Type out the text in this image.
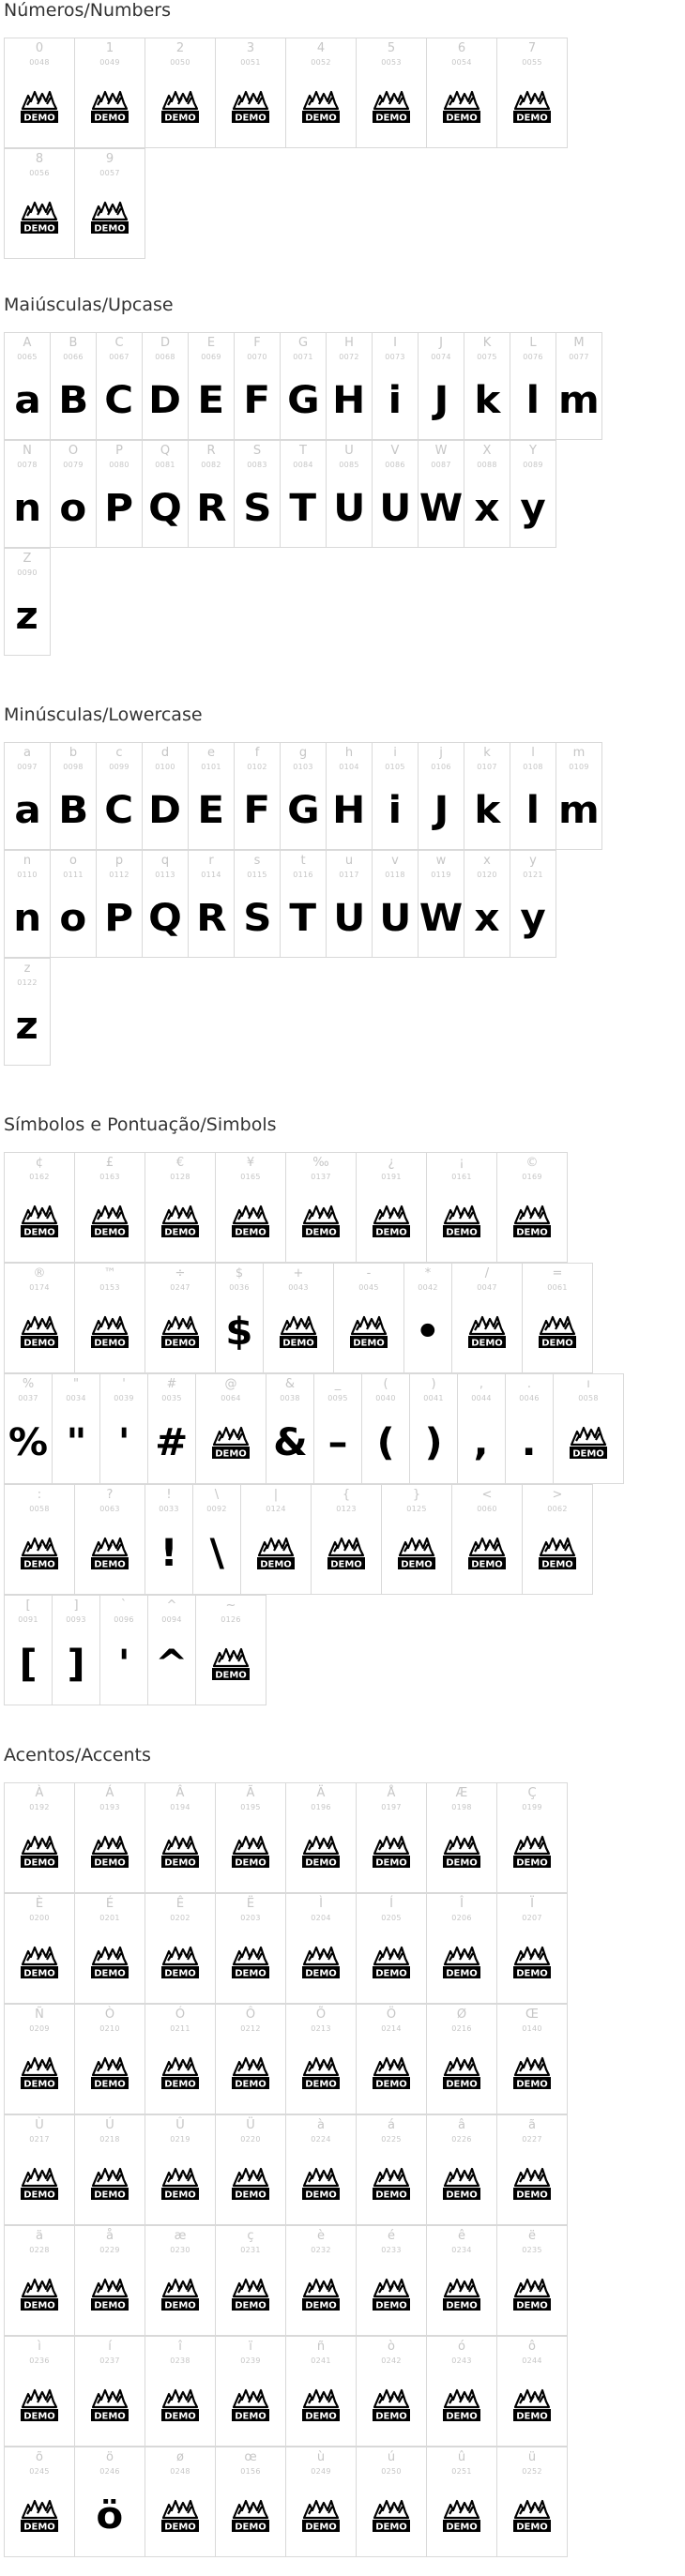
Números/Numbers
0
0048
DEMO
1
0049
DEMO
2
0050
DEMO
3
0051
DEMO
4
0052
DEMO
5
0053
DEMO
6
0054
DEMO
7
0055
DEMO
8
0056
DEMO
9
0057
DEMO
Maiúsculas/Upcase
A
0065
a
B
0066
B
C
0067
C
D
0068
D
E
0069
E
F
0070
F
G
0071
G
H
0072
H
I
0073
i
J
0074
J
K
0075
k
L
0076
l
M
0077
m
N
0078
n
O
0079
o
P
0080
P
Q
0081
Q
R
0082
R
S
0083
S
T
0084
T
U
0085
U
V
0086
U
W
0087
W
X
0088
x
Y
0089
y
Z
0090
z
Minúsculas/Lowercase
a
0097
a
b
0098
B
c
0099
C
d
0100
D
e
0101
E
f
0102
F
g
0103
G
h
0104
H
i
0105
i
j
0106
J
k
0107
k
l
0108
l
m
0109
m
n
0110
n
o
0111
o
p
0112
P
q
0113
Q
r
0114
R
s
0115
S
t
0116
T
u
0117
U
v
0118
U
w
0119
W
x
0120
x
y
0121
y
z
0122
z
Símbolos e Pontuação/Simbols
¢
0162
DEMO
£
0163
DEMO
€
0128
DEMO
¥
0165
DEMO
‰
0137
DEMO
¿
0191
DEMO
¡
0161
DEMO
©
0169
DEMO
®
0174
DEMO
™
0153
DEMO
÷
0247
DEMO
$
0036
$
+
0043
DEMO
-
0045
DEMO
*
0042
•
/
0047
DEMO
=
0061
DEMO
%
0037
%
"
0034
"
'
0039
'
#
0035
#
@
0064
DEMO
&
0038
&
_
0095
–
(
0040
(
)
0041
)
,
0044
,
.
0046
.
ı
0058
DEMO
:
0058
DEMO
?
0063
DEMO
!
0033
!
\
0092
\
|
0124
DEMO
{
0123
DEMO
}
0125
DEMO
<
0060
DEMO
>
0062
DEMO
[
0091
[
]
0093
]
`
0096
'
^
0094
^
~
0126
DEMO
Acentos/Accents
À
0192
DEMO
Á
0193
DEMO
Â
0194
DEMO
Ã
0195
DEMO
Ä
0196
DEMO
Å
0197
DEMO
Æ
0198
DEMO
Ç
0199
DEMO
È
0200
DEMO
É
0201
DEMO
Ê
0202
DEMO
Ë
0203
DEMO
Ì
0204
DEMO
Í
0205
DEMO
Î
0206
DEMO
Ï
0207
DEMO
Ñ
0209
DEMO
Ò
0210
DEMO
Ó
0211
DEMO
Ô
0212
DEMO
Õ
0213
DEMO
Ö
0214
DEMO
Ø
0216
DEMO
Œ
0140
DEMO
Ù
0217
DEMO
Ú
0218
DEMO
Û
0219
DEMO
Ü
0220
DEMO
à
0224
DEMO
á
0225
DEMO
â
0226
DEMO
ã
0227
DEMO
ä
0228
DEMO
å
0229
DEMO
æ
0230
DEMO
ç
0231
DEMO
è
0232
DEMO
é
0233
DEMO
ê
0234
DEMO
ë
0235
DEMO
ì
0236
DEMO
í
0237
DEMO
î
0238
DEMO
ï
0239
DEMO
ñ
0241
DEMO
ò
0242
DEMO
ó
0243
DEMO
ô
0244
DEMO
õ
0245
DEMO
ö
0246
ö
ø
0248
DEMO
œ
0156
DEMO
ù
0249
DEMO
ú
0250
DEMO
û
0251
DEMO
ü
0252
DEMO
